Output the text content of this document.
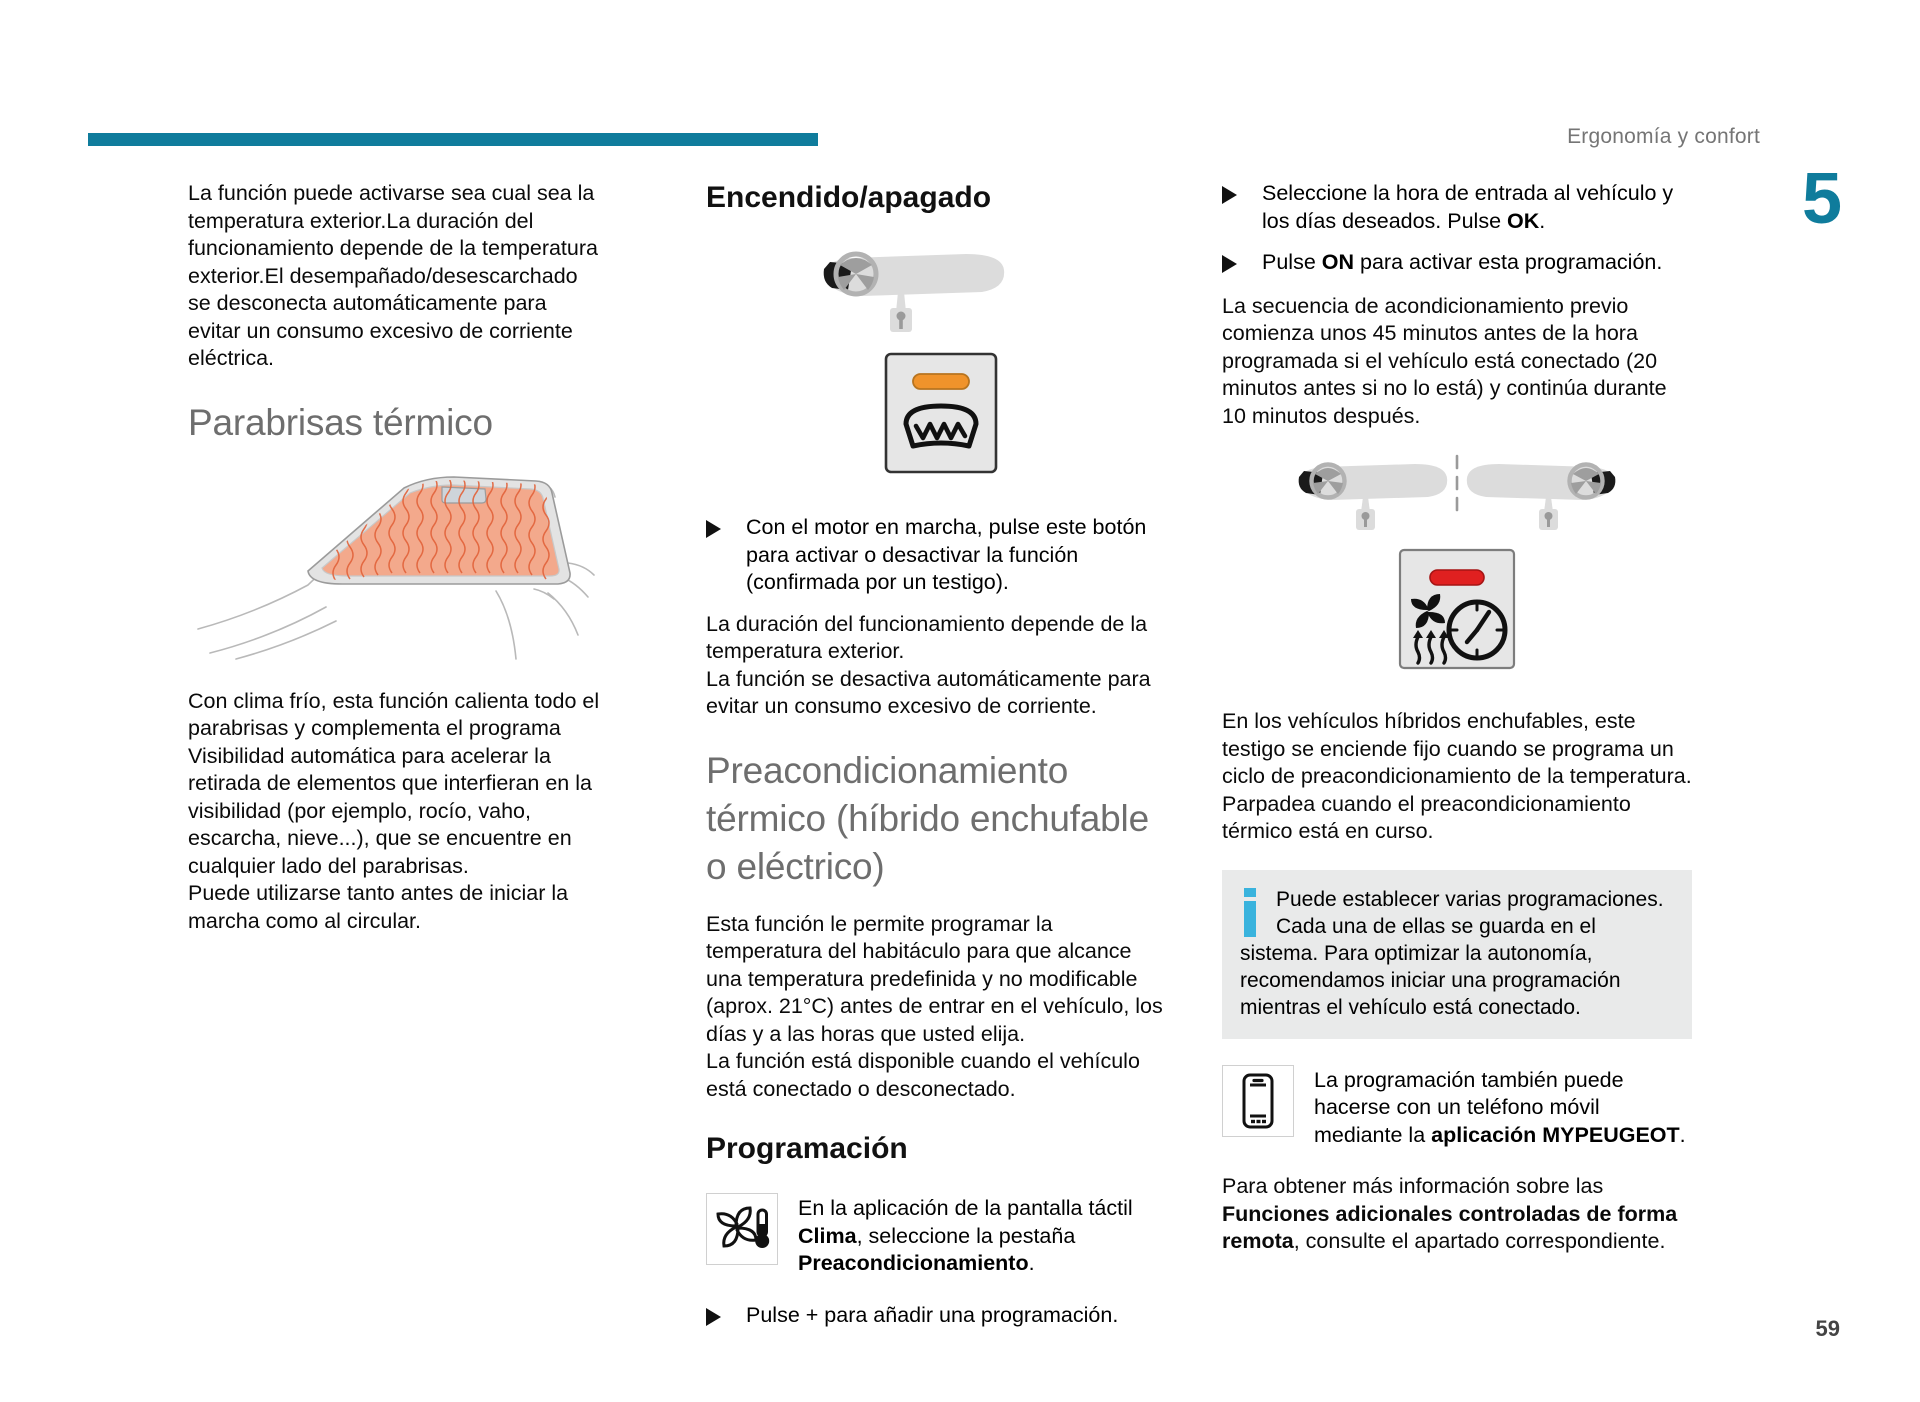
Ergonomía y confort
5
59

La función puede activarse sea cual sea la temperatura exterior.La duración del funcionamiento depende de la temperatura exterior.El desempañado/desescarchado se desconecta automáticamente para evitar un consumo excesivo de corriente eléctrica.

Parabrisas térmico

Con clima frío, esta función calienta todo el parabrisas y complementa el programa Visibilidad automática para acelerar la retirada de elementos que interfieran en la visibilidad (por ejemplo, rocío, vaho, escarcha, nieve...), que se encuentre en cualquier lado del parabrisas.

Puede utilizarse tanto antes de iniciar la marcha como al circular.

Encendido/apagado
Con el motor en marcha, pulse este botón para activar o desactivar la función (confirmada por un testigo).

La duración del funcionamiento depende de la temperatura exterior.

La función se desactiva automáticamente para evitar un consumo excesivo de corriente.

Preacondicionamiento térmico (híbrido enchufable o eléctrico)

Esta función le permite programar la temperatura del habitáculo para que alcance una temperatura predefinida y no modificable (aprox. 21°C) antes de entrar en el vehículo, los días y a las horas que usted elija.

La función está disponible cuando el vehículo está conectado o desconectado.

Programación
En la aplicación de la pantalla táctil Clima, seleccione la pestaña Preacondicionamiento.
Pulse + para añadir una programación.
Seleccione la hora de entrada al vehículo y los días deseados. Pulse OK.
Pulse ON para activar esta programación.

La secuencia de acondicionamiento previo comienza unos 45 minutos antes de la hora programada si el vehículo está conectado (20 minutos antes si no lo está) y continúa durante 10 minutos después.

En los vehículos híbridos enchufables, este testigo se enciende fijo cuando se programa un ciclo de preacondicionamiento de la temperatura. Parpadea cuando el preacondicionamiento térmico está en curso.

Puede establecer varias programaciones. Cada una de ellas se guarda en el sistema. Para optimizar la autonomía, recomendamos iniciar una programación mientras el vehículo está conectado.
La programación también puede hacerse con un teléfono móvil mediante la aplicación MYPEUGEOT.

Para obtener más información sobre las Funciones adicionales controladas de forma remota, consulte el apartado correspondiente.
